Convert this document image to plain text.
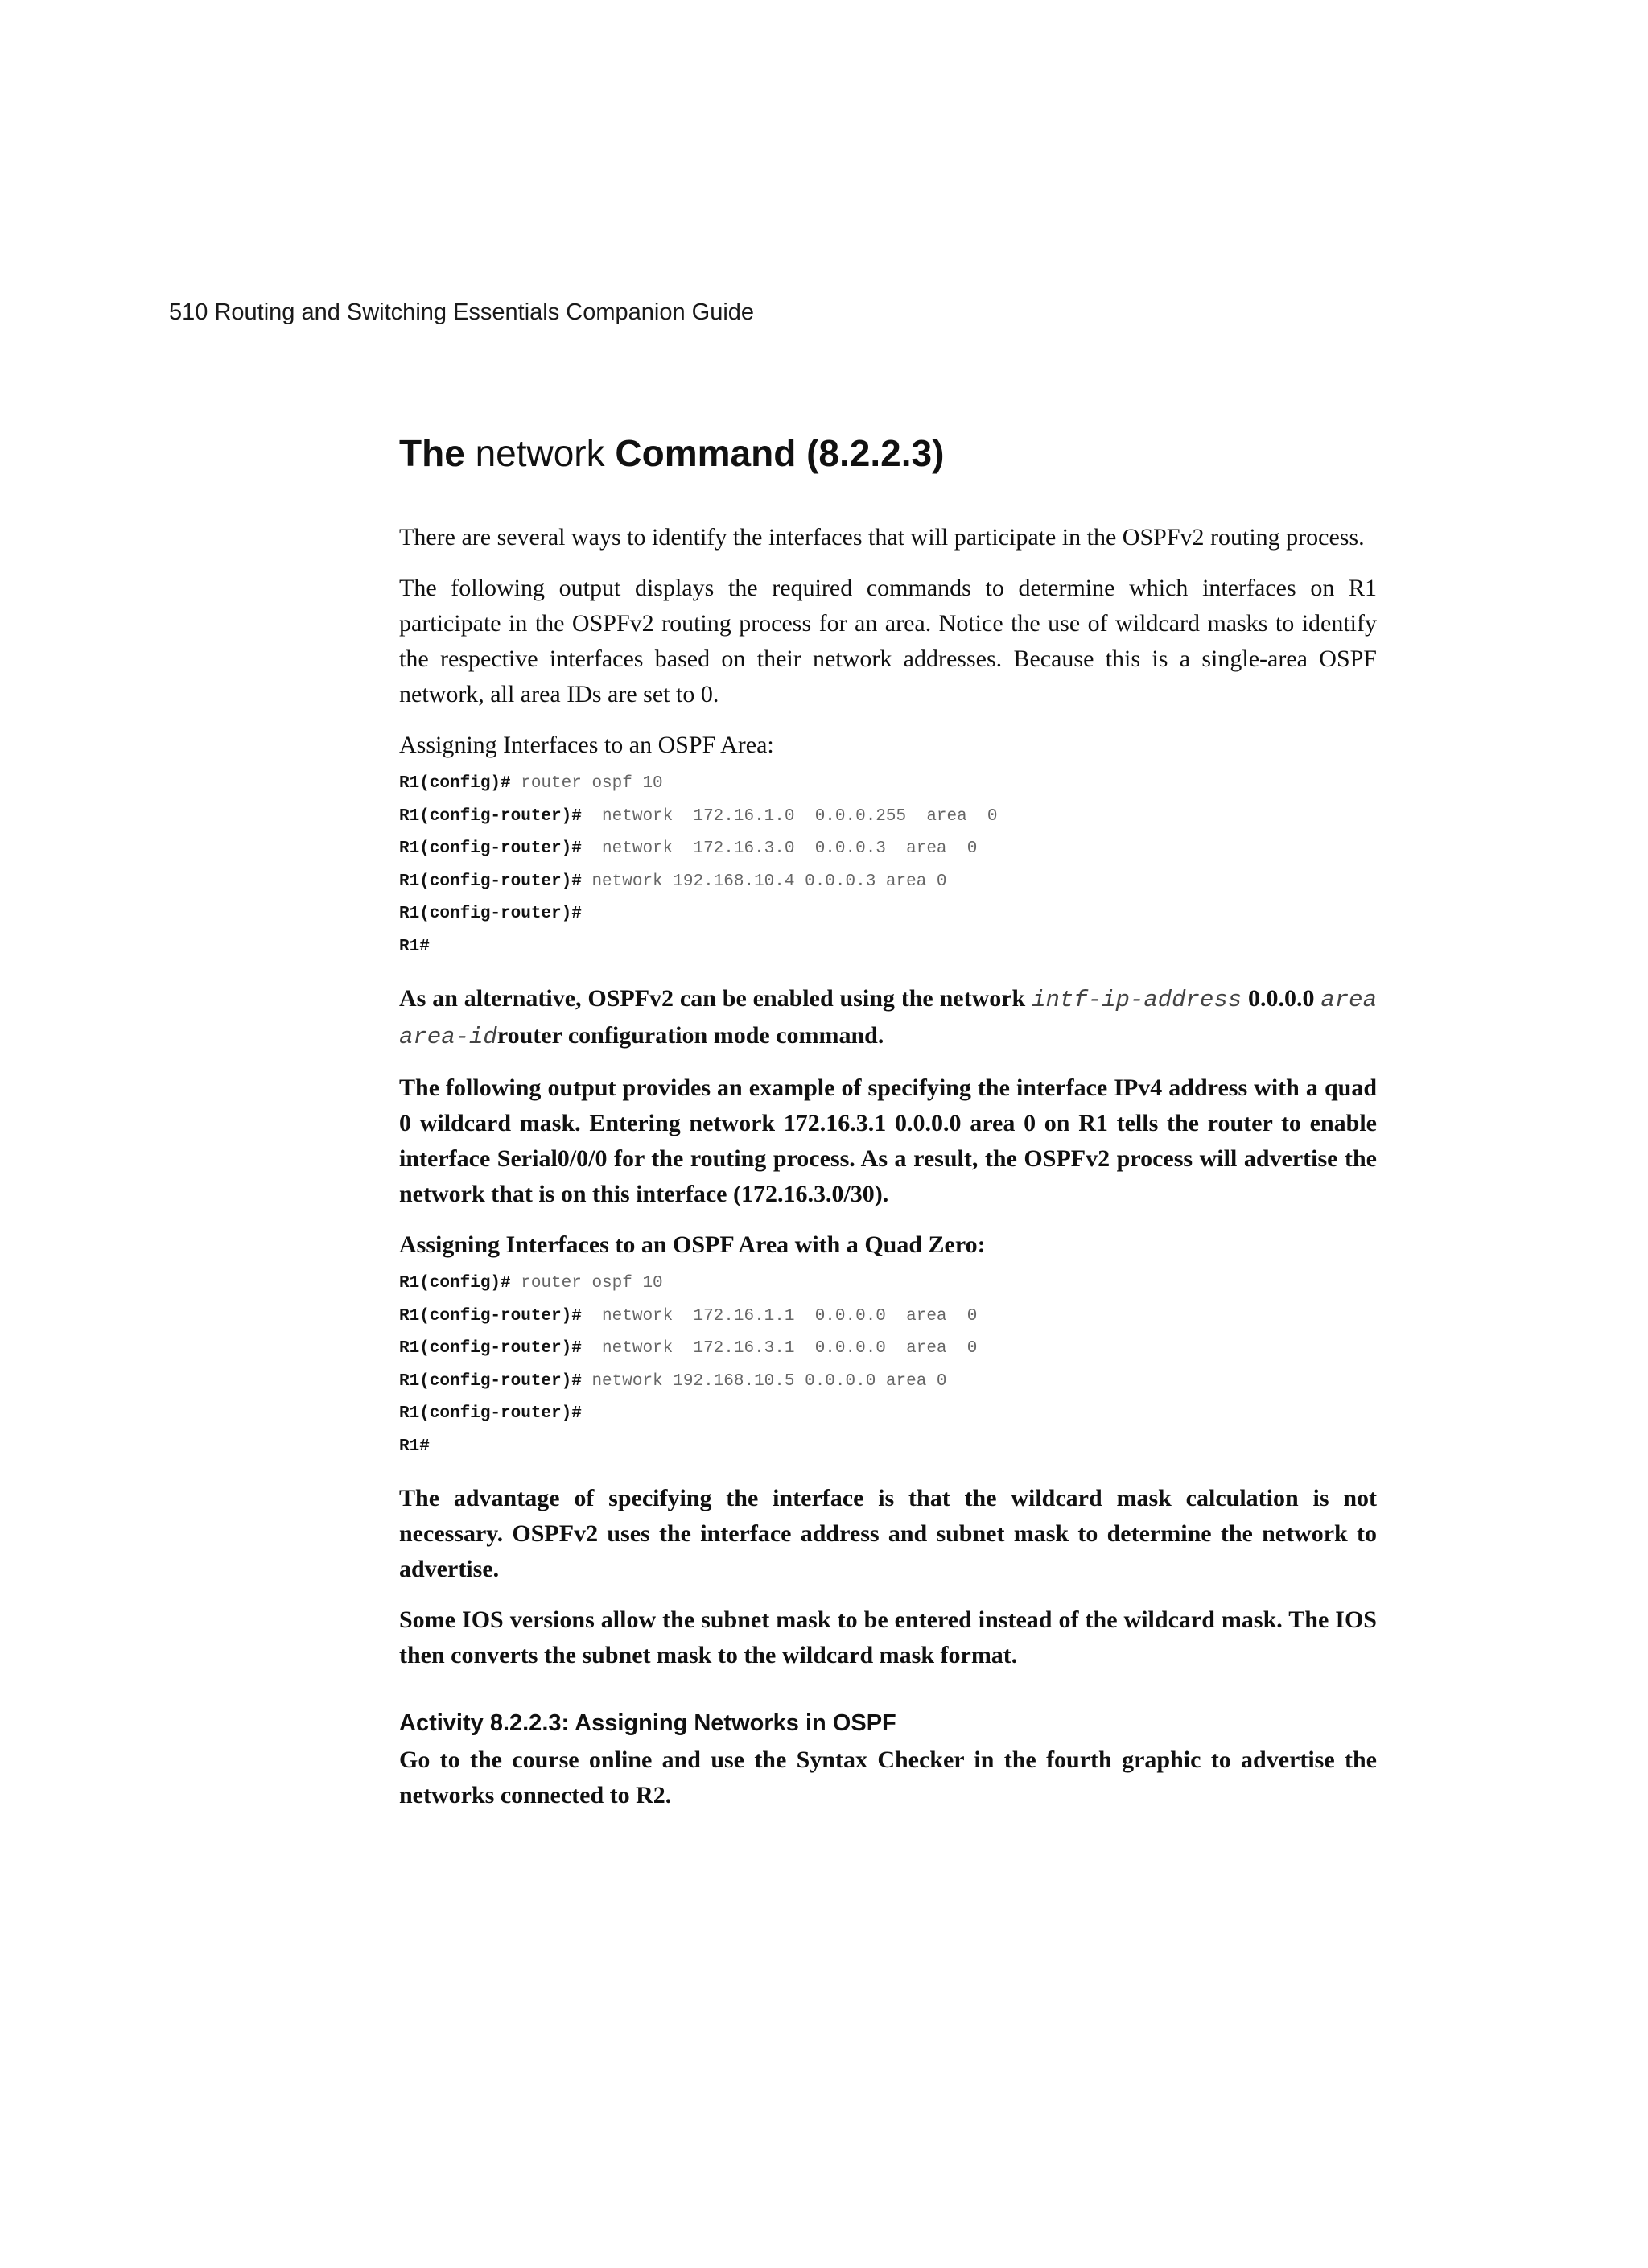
510 Routing and Switching Essentials Companion Guide
The network Command (8.2.2.3)

There are several ways to identify the interfaces that will participate in the OSPFv2 routing process.

The following output displays the required commands to determine which interfaces on R1 participate in the OSPFv2 routing process for an area. Notice the use of wildcard masks to identify the respective interfaces based on their network addresses. Because this is a single-area OSPF network, all area IDs are set to 0.

Assigning Interfaces to an OSPF Area:

R1(config)# router ospf 10
R1(config-router)#  network  172.16.1.0  0.0.0.255  area  0
R1(config-router)#  network  172.16.3.0  0.0.0.3  area  0
R1(config-router)# network 192.168.10.4 0.0.0.3 area 0
R1(config-router)#
R1#

As an alternative, OSPFv2 can be enabled using the network intf-ip-address 0.0.0.0 area area-idrouter configuration mode command.

The following output provides an example of specifying the interface IPv4 address with a quad 0 wildcard mask. Entering network 172.16.3.1 0.0.0.0 area 0 on R1 tells the router to enable interface Serial0/0/0 for the routing process. As a result, the OSPFv2 process will advertise the network that is on this interface (172.16.3.0/30).

Assigning Interfaces to an OSPF Area with a Quad Zero:

R1(config)# router ospf 10
R1(config-router)#  network  172.16.1.1  0.0.0.0  area  0
R1(config-router)#  network  172.16.3.1  0.0.0.0  area  0
R1(config-router)# network 192.168.10.5 0.0.0.0 area 0
R1(config-router)#
R1#

The advantage of specifying the interface is that the wildcard mask calculation is not necessary. OSPFv2 uses the interface address and subnet mask to determine the network to advertise.

Some IOS versions allow the subnet mask to be entered instead of the wildcard mask. The IOS then converts the subnet mask to the wildcard mask format.

Activity 8.2.2.3: Assigning Networks in OSPF

Go to the course online and use the Syntax Checker in the fourth graphic to advertise the networks connected to R2.
